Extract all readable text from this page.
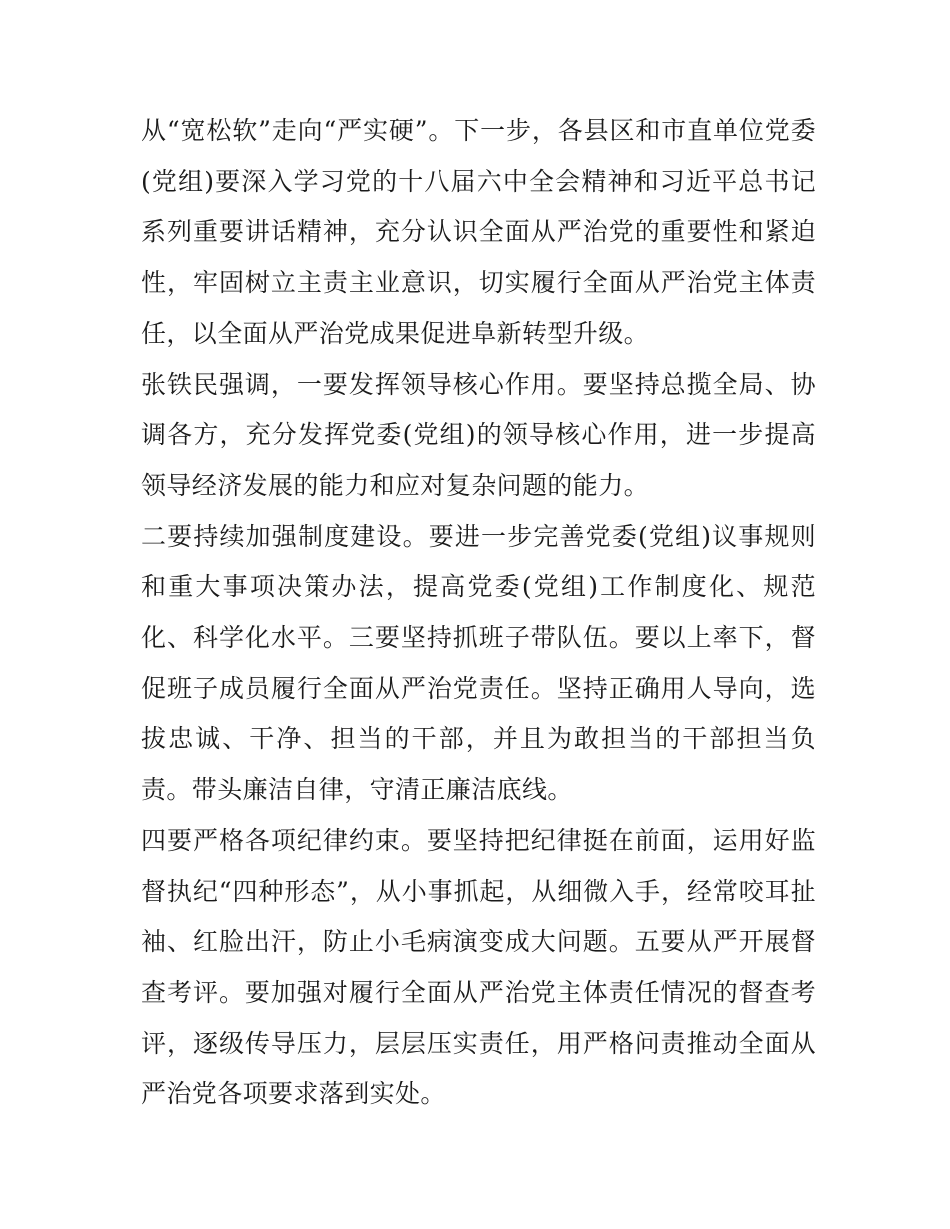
从“宽松软”走向“严实硬”。下一步，各县区和市直单位党委(党组)要深入学习党的十八届六中全会精神和习近平总书记系列重要讲话精神，充分认识全面从严治党的重要性和紧迫性，牢固树立主责主业意识，切实履行全面从严治党主体责任，以全面从严治党成果促进阜新转型升级。

张铁民强调，一要发挥领导核心作用。要坚持总揽全局、协调各方，充分发挥党委(党组)的领导核心作用，进一步提高领导经济发展的能力和应对复杂问题的能力。

二要持续加强制度建设。要进一步完善党委(党组)议事规则和重大事项决策办法，提高党委(党组)工作制度化、规范化、科学化水平。三要坚持抓班子带队伍。要以上率下，督促班子成员履行全面从严治党责任。坚持正确用人导向，选拔忠诚、干净、担当的干部，并且为敢担当的干部担当负责。带头廉洁自律，守清正廉洁底线。

四要严格各项纪律约束。要坚持把纪律挺在前面，运用好监督执纪“四种形态”，从小事抓起，从细微入手，经常咬耳扯袖、红脸出汗，防止小毛病演变成大问题。五要从严开展督查考评。要加强对履行全面从严治党主体责任情况的督查考评，逐级传导压力，层层压实责任，用严格问责推动全面从严治党各项要求落到实处。
